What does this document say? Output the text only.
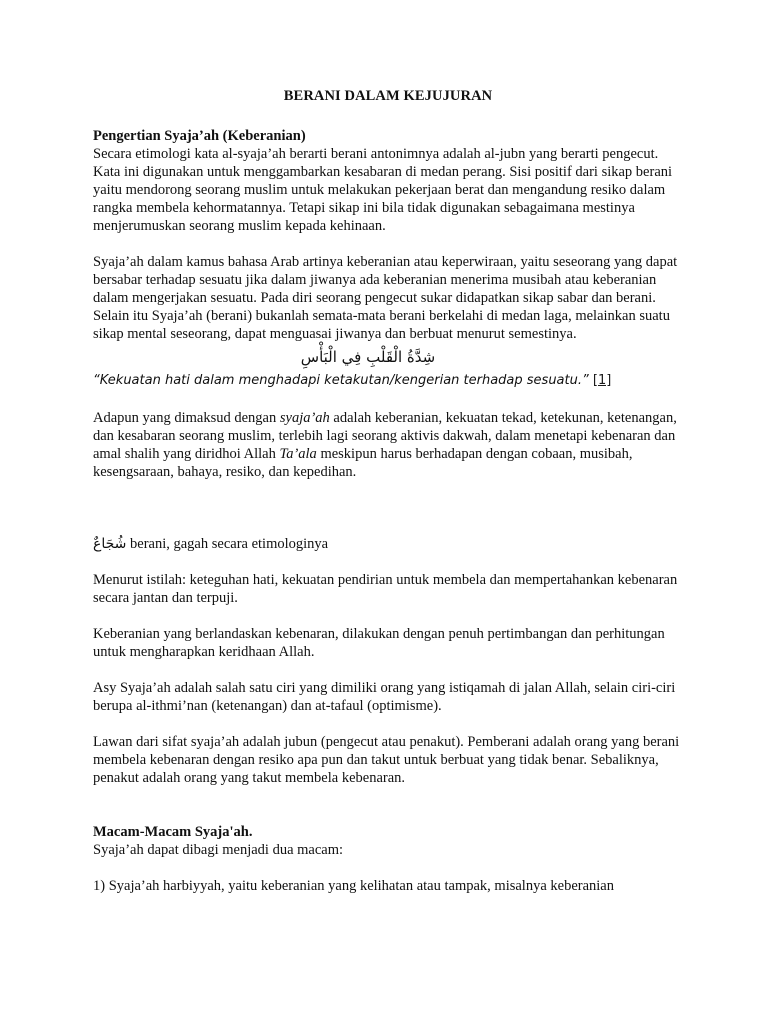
BERANI DALAM KEJUJURAN
Pengertian Syaja’ah (Keberanian)

Secara etimologi kata al-syaja’ah berarti berani antonimnya adalah al-jubn yang berarti pengecut. Kata ini digunakan untuk menggambarkan kesabaran di medan perang. Sisi positif dari sikap berani yaitu mendorong seorang muslim untuk melakukan pekerjaan berat dan mengandung resiko dalam rangka membela kehormatannya. Tetapi sikap ini bila tidak digunakan sebagaimana mestinya menjerumuskan seorang muslim kepada kehinaan.

Syaja’ah dalam kamus bahasa Arab artinya keberanian atau keperwiraan, yaitu seseorang yang dapat bersabar terhadap sesuatu jika dalam jiwanya ada keberanian menerima musibah atau keberanian dalam mengerjakan sesuatu. Pada diri seorang pengecut sukar didapatkan sikap sabar dan berani. Selain itu Syaja’ah (berani) bukanlah semata-mata berani berkelahi di medan laga, melainkan suatu sikap mental seseorang, dapat menguasai jiwanya dan berbuat menurut semestinya.

شِدَّةُ الْقَلْبِ فِي الْبَأْسِ

“Kekuatan hati dalam menghadapi ketakutan/kengerian terhadap sesuatu.” [1]

Adapun yang dimaksud dengan syaja’ah adalah keberanian, kekuatan tekad, ketekunan, ketenangan, dan kesabaran seorang muslim, terlebih lagi seorang aktivis dakwah, dalam menetapi kebenaran dan amal shalih yang diridhoi Allah Ta’ala meskipun harus berhadapan dengan cobaan, musibah, kesengsaraan, bahaya, resiko, dan kepedihan.

شُجَاعٌ berani, gagah secara etimologinya

Menurut istilah: keteguhan hati, kekuatan pendirian untuk membela dan mempertahankan kebenaran secara jantan dan terpuji.

Keberanian yang berlandaskan kebenaran, dilakukan dengan penuh pertimbangan dan perhitungan untuk mengharapkan keridhaan Allah.

Asy Syaja’ah adalah salah satu ciri yang dimiliki orang yang istiqamah di jalan Allah, selain ciri-ciri berupa al-ithmi’nan (ketenangan) dan at-tafaul (optimisme).

Lawan dari sifat syaja’ah adalah jubun (pengecut atau penakut). Pemberani adalah orang yang berani membela kebenaran dengan resiko apa pun dan takut untuk berbuat yang tidak benar. Sebaliknya, penakut adalah orang yang takut membela kebenaran.

Macam-Macam Syaja'ah.

Syaja’ah dapat dibagi menjadi dua macam:

1) Syaja’ah harbiyyah, yaitu keberanian yang kelihatan atau tampak, misalnya keberanian
